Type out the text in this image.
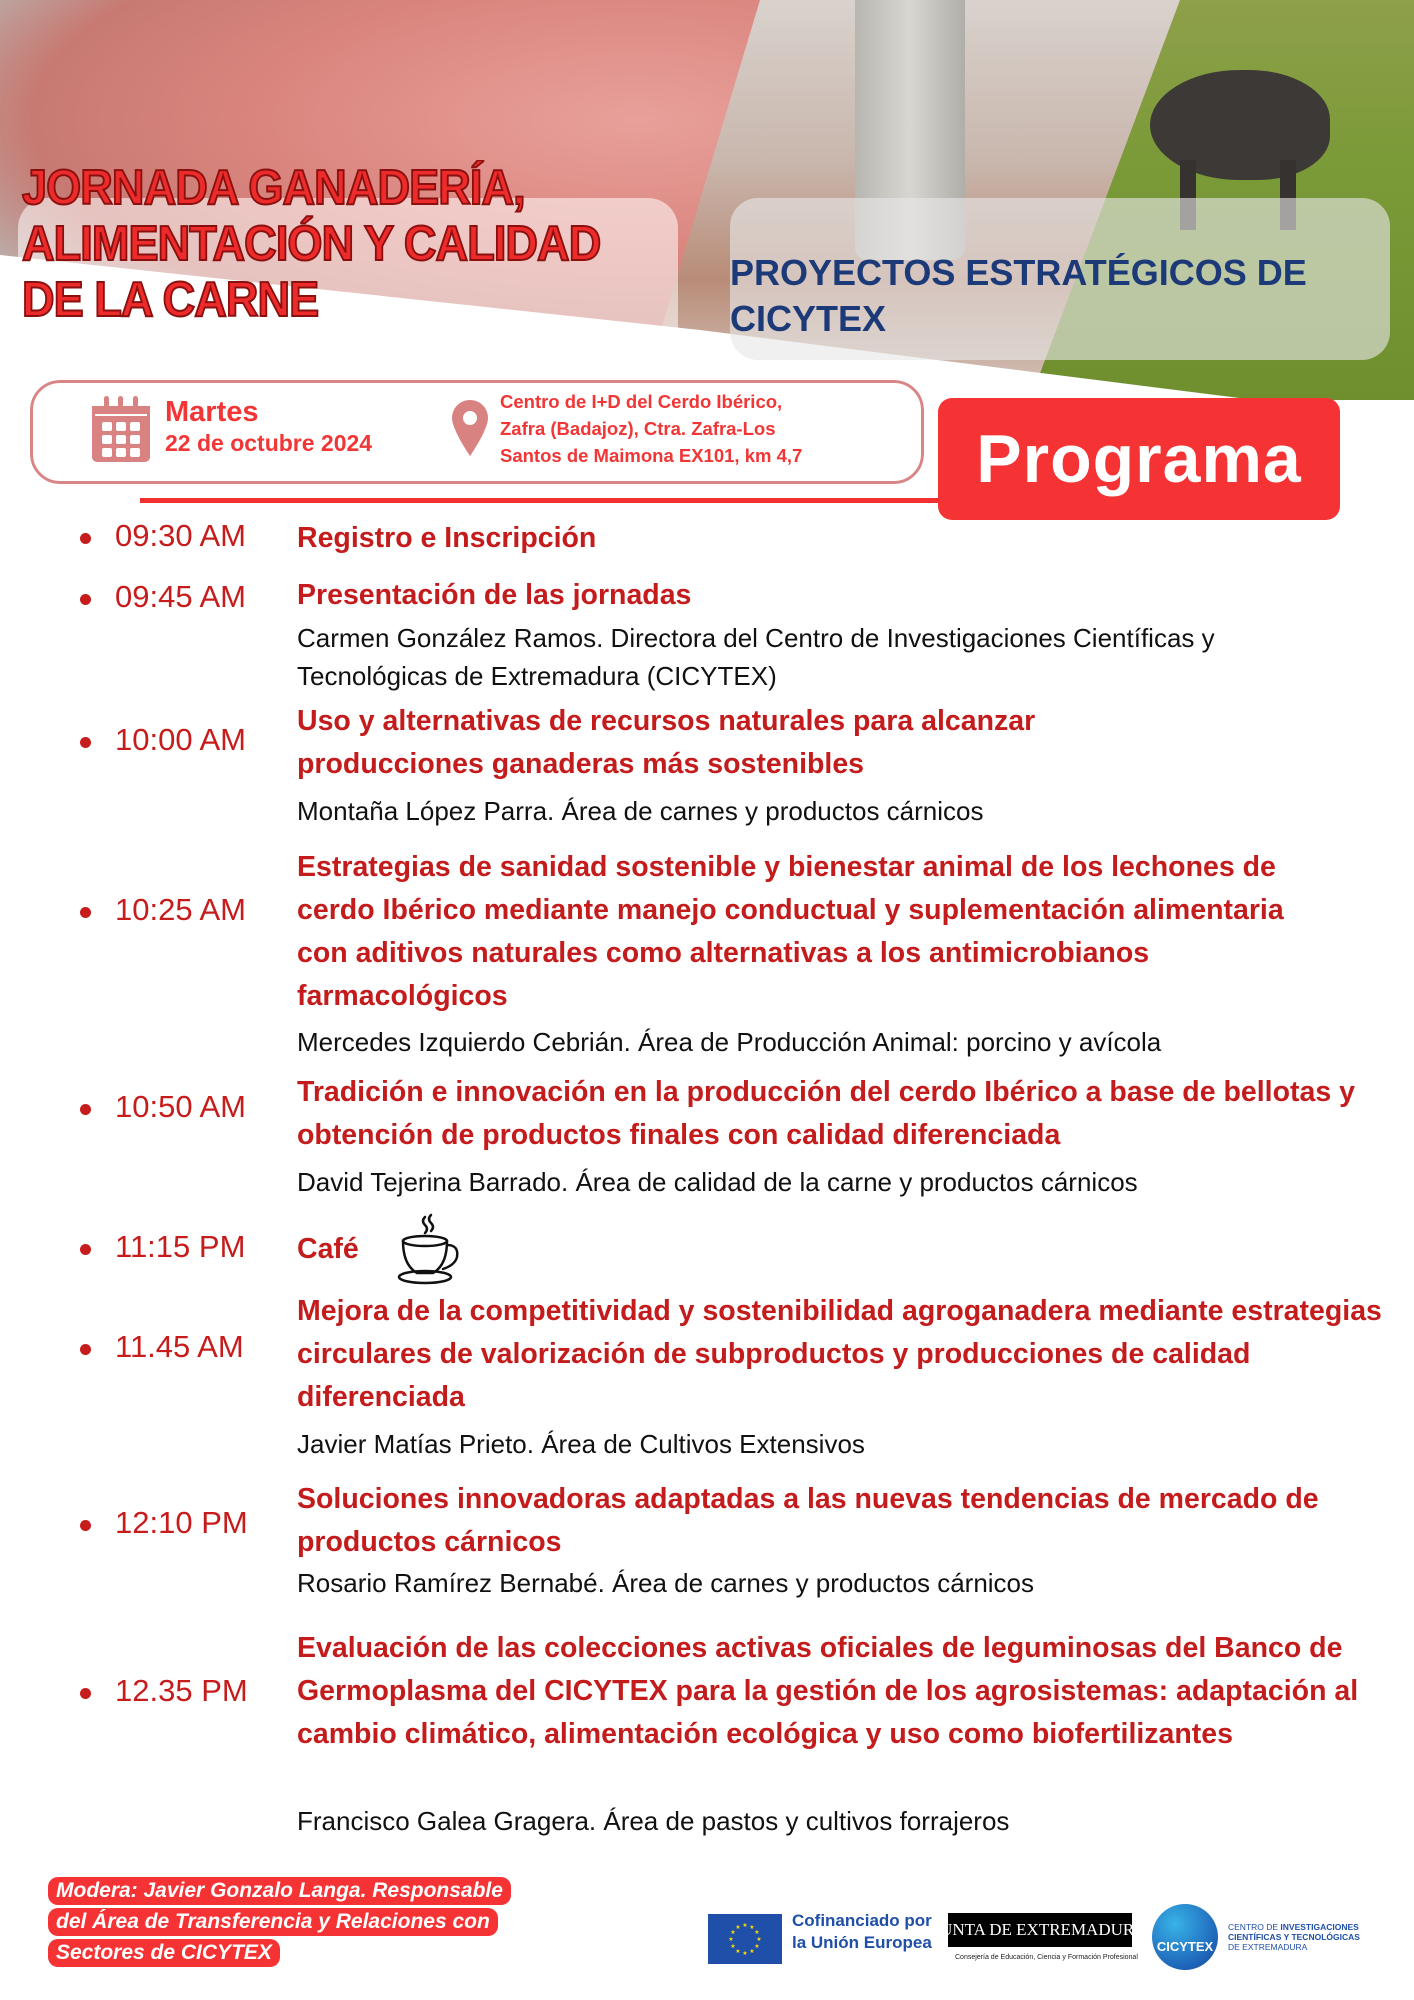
JORNADA GANADERÍA,
ALIMENTACIÓN Y CALIDAD
DE LA CARNE
PROYECTOS ESTRATÉGICOS DE
CICYTEX
Martes
22 de octubre 2024
Centro de I+D del Cerdo Ibérico,
Zafra (Badajoz), Ctra. Zafra-Los
Santos de Maimona EX101, km 4,7	Programa
09:30 AM Registro e Inscripción
09:45 AM Presentación de las jornadas
Carmen González Ramos. Directora del Centro de Investigaciones Científicas y Tecnológicas de Extremadura (CICYTEX)
10:00 AM
Uso y alternativas de recursos naturales para alcanzar producciones ganaderas más sostenibles
Montaña López Parra. Área de carnes y productos cárnicos
10:25 AM
Estrategias de sanidad sostenible y bienestar animal de los lechones de cerdo Ibérico mediante manejo conductual y suplementación alimentaria con aditivos naturales como alternativas a los antimicrobianos farmacológicos
Mercedes Izquierdo Cebrián. Área de Producción Animal: porcino y avícola
10:50 AM Tradición e innovación en la producción del cerdo Ibérico a base de bellotas y obtención de productos finales con calidad diferenciada
David Tejerina Barrado. Área de calidad de la carne y productos cárnicos
11:15 PM Café
11.45 AM
Mejora de la competitividad y sostenibilidad agroganadera mediante estrategias circulares de valorización de subproductos y producciones de calidad diferenciada
Javier Matías Prieto. Área de Cultivos Extensivos
12:10 PM
Soluciones innovadoras adaptadas a las nuevas tendencias de mercado de productos cárnicos
Rosario Ramírez Bernabé. Área de carnes y productos cárnicos
12.35 PM
Evaluación de las colecciones activas oficiales de leguminosas del Banco de Germoplasma del CICYTEX para la gestión de los agrosistemas: adaptación al cambio climático, alimentación ecológica y uso como biofertilizantes
Francisco Galea Gragera. Área de pastos y cultivos forrajeros
Modera: Javier Gonzalo Langa. Responsable
del Área de Transferencia y Relaciones con
Sectores de CICYTEX
★ ★
★
★
★
★
★
★
★
★
★
★	Cofinanciado por
la Unión Europea
JUNTA DE EXTREMADURA
Consejería de Educación, Ciencia y Formación Profesional
CICYTEX
CENTRO DE INVESTIGACIONES
CIENTÍFICAS Y TECNOLÓGICAS
DE EXTREMADURA
